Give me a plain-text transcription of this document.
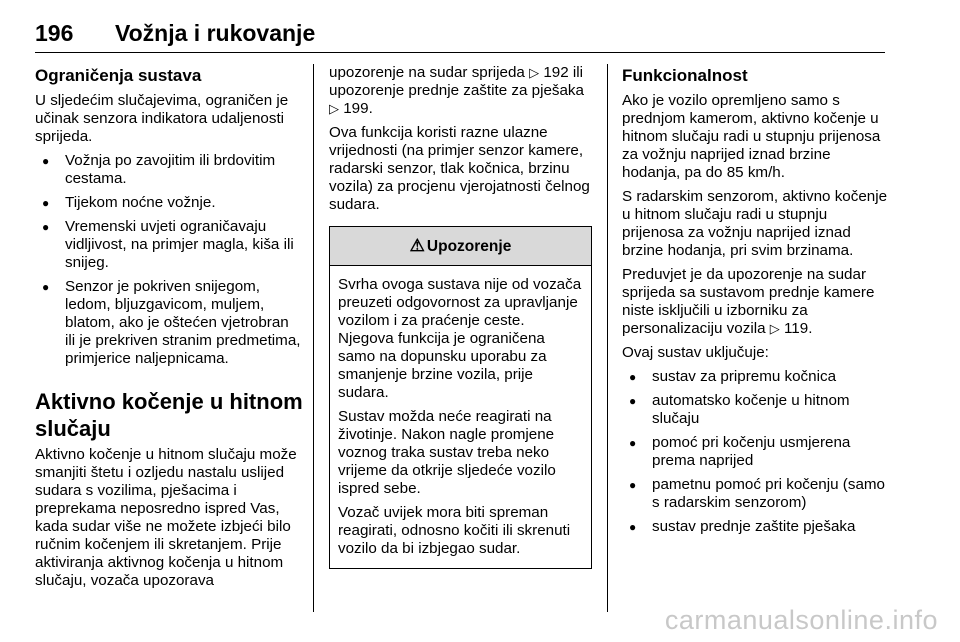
196 Vožnja i rukovanje
Ograničenja sustava

U sljedećim slučajevima, ograničen je učinak senzora indikatora udaljenosti sprijeda.

● Vožnja po zavojitim ili brdovitim cestama.
● Tijekom noćne vožnje.
● Vremenski uvjeti ograničavaju vidljivost, na primjer magla, kiša ili snijeg.
● Senzor je pokriven snijegom, ledom, bljuzgavicom, muljem, blatom, ako je oštećen vjetrobran ili je prekriven stranim predmetima, primjerice naljepnicama.
Aktivno kočenje u hitnom slučaju

Aktivno kočenje u hitnom slučaju može smanjiti štetu i ozljedu nastalu uslijed sudara s vozilima, pješacima i preprekama neposredno ispred Vas, kada sudar više ne možete izbjeći bilo ručnim kočenjem ili skretanjem. Prije aktiviranja aktivnog kočenja u hitnom slučaju, vozača upozorava

upozorenje na sudar sprijeda ▷ 192 ili upozorenje prednje zaštite za pješaka ▷ 199.

Ova funkcija koristi razne ulazne vrijednosti (na primjer senzor kamere, radarski senzor, tlak kočnica, brzinu vozila) za procjenu vjerojatnosti čelnog sudara.

⚠ Upozorenje

Svrha ovoga sustava nije od vozača preuzeti odgovornost za upravljanje vozilom i za praćenje ceste. Njegova funkcija je ograničena samo na dopunsku uporabu za smanjenje brzine vozila, prije sudara.

Sustav možda neće reagirati na životinje. Nakon nagle promjene voznog traka sustav treba neko vrijeme da otkrije sljedeće vozilo ispred sebe.

Vozač uvijek mora biti spreman reagirati, odnosno kočiti ili skrenuti vozilo da bi izbjegao sudar.

Funkcionalnost

Ako je vozilo opremljeno samo s prednjom kamerom, aktivno kočenje u hitnom slučaju radi u stupnju prijenosa za vožnju naprijed iznad brzine hodanja, pa do 85 km/h.

S radarskim senzorom, aktivno kočenje u hitnom slučaju radi u stupnju prijenosa za vožnju naprijed iznad brzine hodanja, pri svim brzinama.

Preduvjet je da upozorenje na sudar sprijeda sa sustavom prednje kamere niste isključili u izborniku za personalizaciju vozila ▷ 119.

Ovaj sustav uključuje:

● sustav za pripremu kočnica
● automatsko kočenje u hitnom slučaju
● pomoć pri kočenju usmjerena prema naprijed
● pametnu pomoć pri kočenju (samo s radarskim senzorom)
● sustav prednje zaštite pješaka
carmanualsonline.info
